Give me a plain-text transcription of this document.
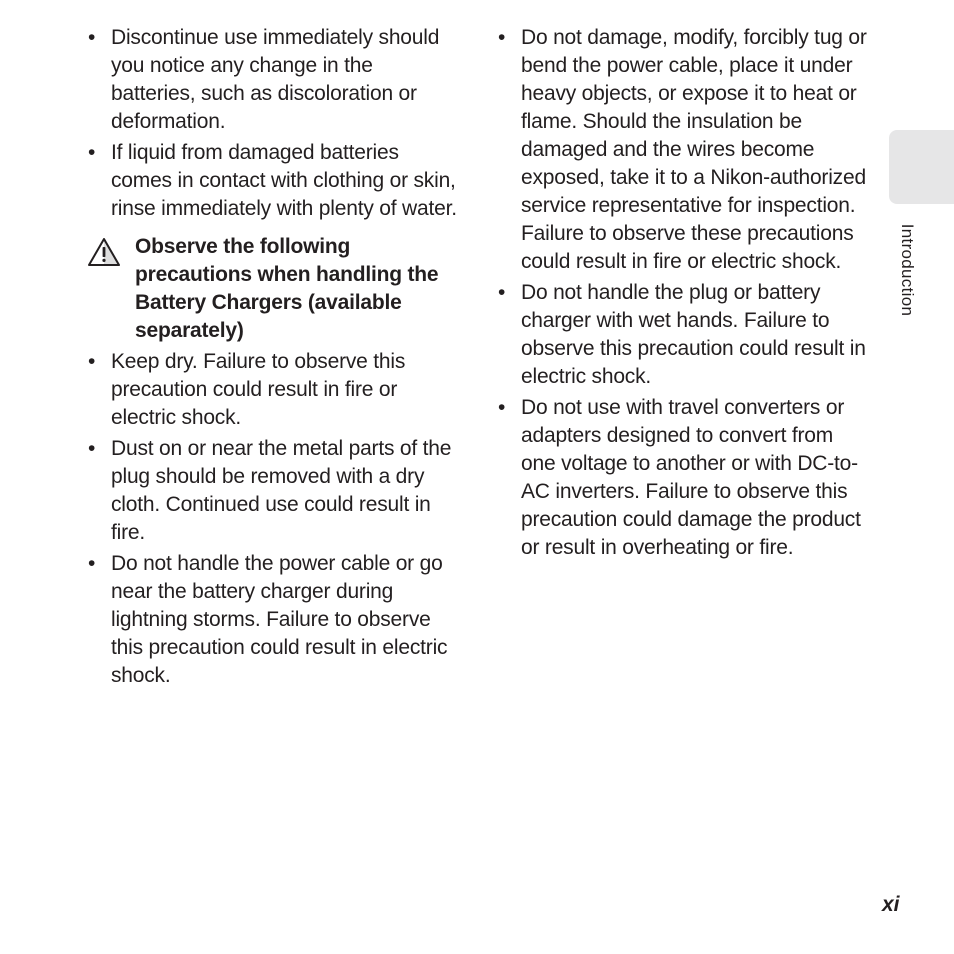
• Discontinue use immediately should you notice any change in the batteries, such as discoloration or deformation.
• If liquid from damaged batteries comes in contact with clothing or skin, rinse immediately with plenty of water.
Observe the following precautions when handling the Battery Chargers (available separately)
• Keep dry. Failure to observe this precaution could result in fire or electric shock.
• Dust on or near the metal parts of the plug should be removed with a dry cloth. Continued use could result in fire.
• Do not handle the power cable or go near the battery charger during lightning storms. Failure to observe this precaution could result in electric shock.
• Do not damage, modify, forcibly tug or bend the power cable, place it under heavy objects, or expose it to heat or flame. Should the insulation be damaged and the wires become exposed, take it to a Nikon-authorized service representative for inspection. Failure to observe these precautions could result in fire or electric shock.
• Do not handle the plug or battery charger with wet hands. Failure to observe this precaution could result in electric shock.
• Do not use with travel converters or adapters designed to convert from one voltage to another or with DC-to-AC inverters. Failure to observe this precaution could damage the product or result in overheating or fire.
Introduction
xi
